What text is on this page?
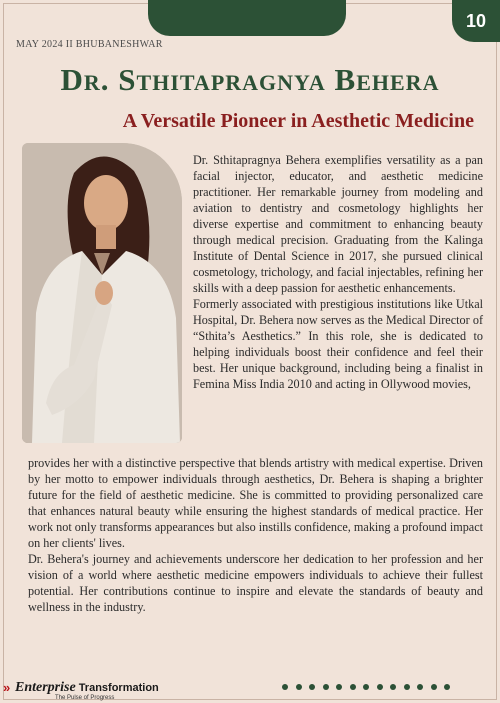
10
MAY 2024 II BHUBANESHWAR
Dr. Sthitapragnya Behera
A Versatile Pioneer in Aesthetic Medicine

Dr. Sthitapragnya Behera exemplifies versatility as a pan facial injector, educator, and aesthetic medicine practitioner. Her remarkable journey from modeling and aviation to dentistry and cosmetology highlights her diverse expertise and commitment to enhancing beauty through medical precision. Graduating from the Kalinga Institute of Dental Science in 2017, she pursued clinical cosmetology, trichology, and facial injectables, refining her skills with a deep passion for aesthetic enhancements.

Formerly associated with prestigious institutions like Utkal Hospital, Dr. Behera now serves as the Medical Director of “Sthita’s Aesthetics.” In this role, she is dedicated to helping individuals boost their confidence and feel their best. Her unique background, including being a finalist in Femina Miss India 2010 and acting in Ollywood movies,

provides her with a distinctive perspective that blends artistry with medical expertise. Driven by her motto to empower individuals through aesthetics, Dr. Behera is shaping a brighter future for the field of aesthetic medicine. She is committed to providing personalized care that enhances natural beauty while ensuring the highest standards of medical practice. Her work not only transforms appearances but also instills confidence, making a profound impact on her clients' lives.

Dr. Behera's journey and achievements underscore her dedication to her profession and her vision of a world where aesthetic medicine empowers individuals to achieve their fullest potential. Her contributions continue to inspire and elevate the standards of beauty and wellness in the industry.

» Enterprise Transformation
The Pulse of Progress
